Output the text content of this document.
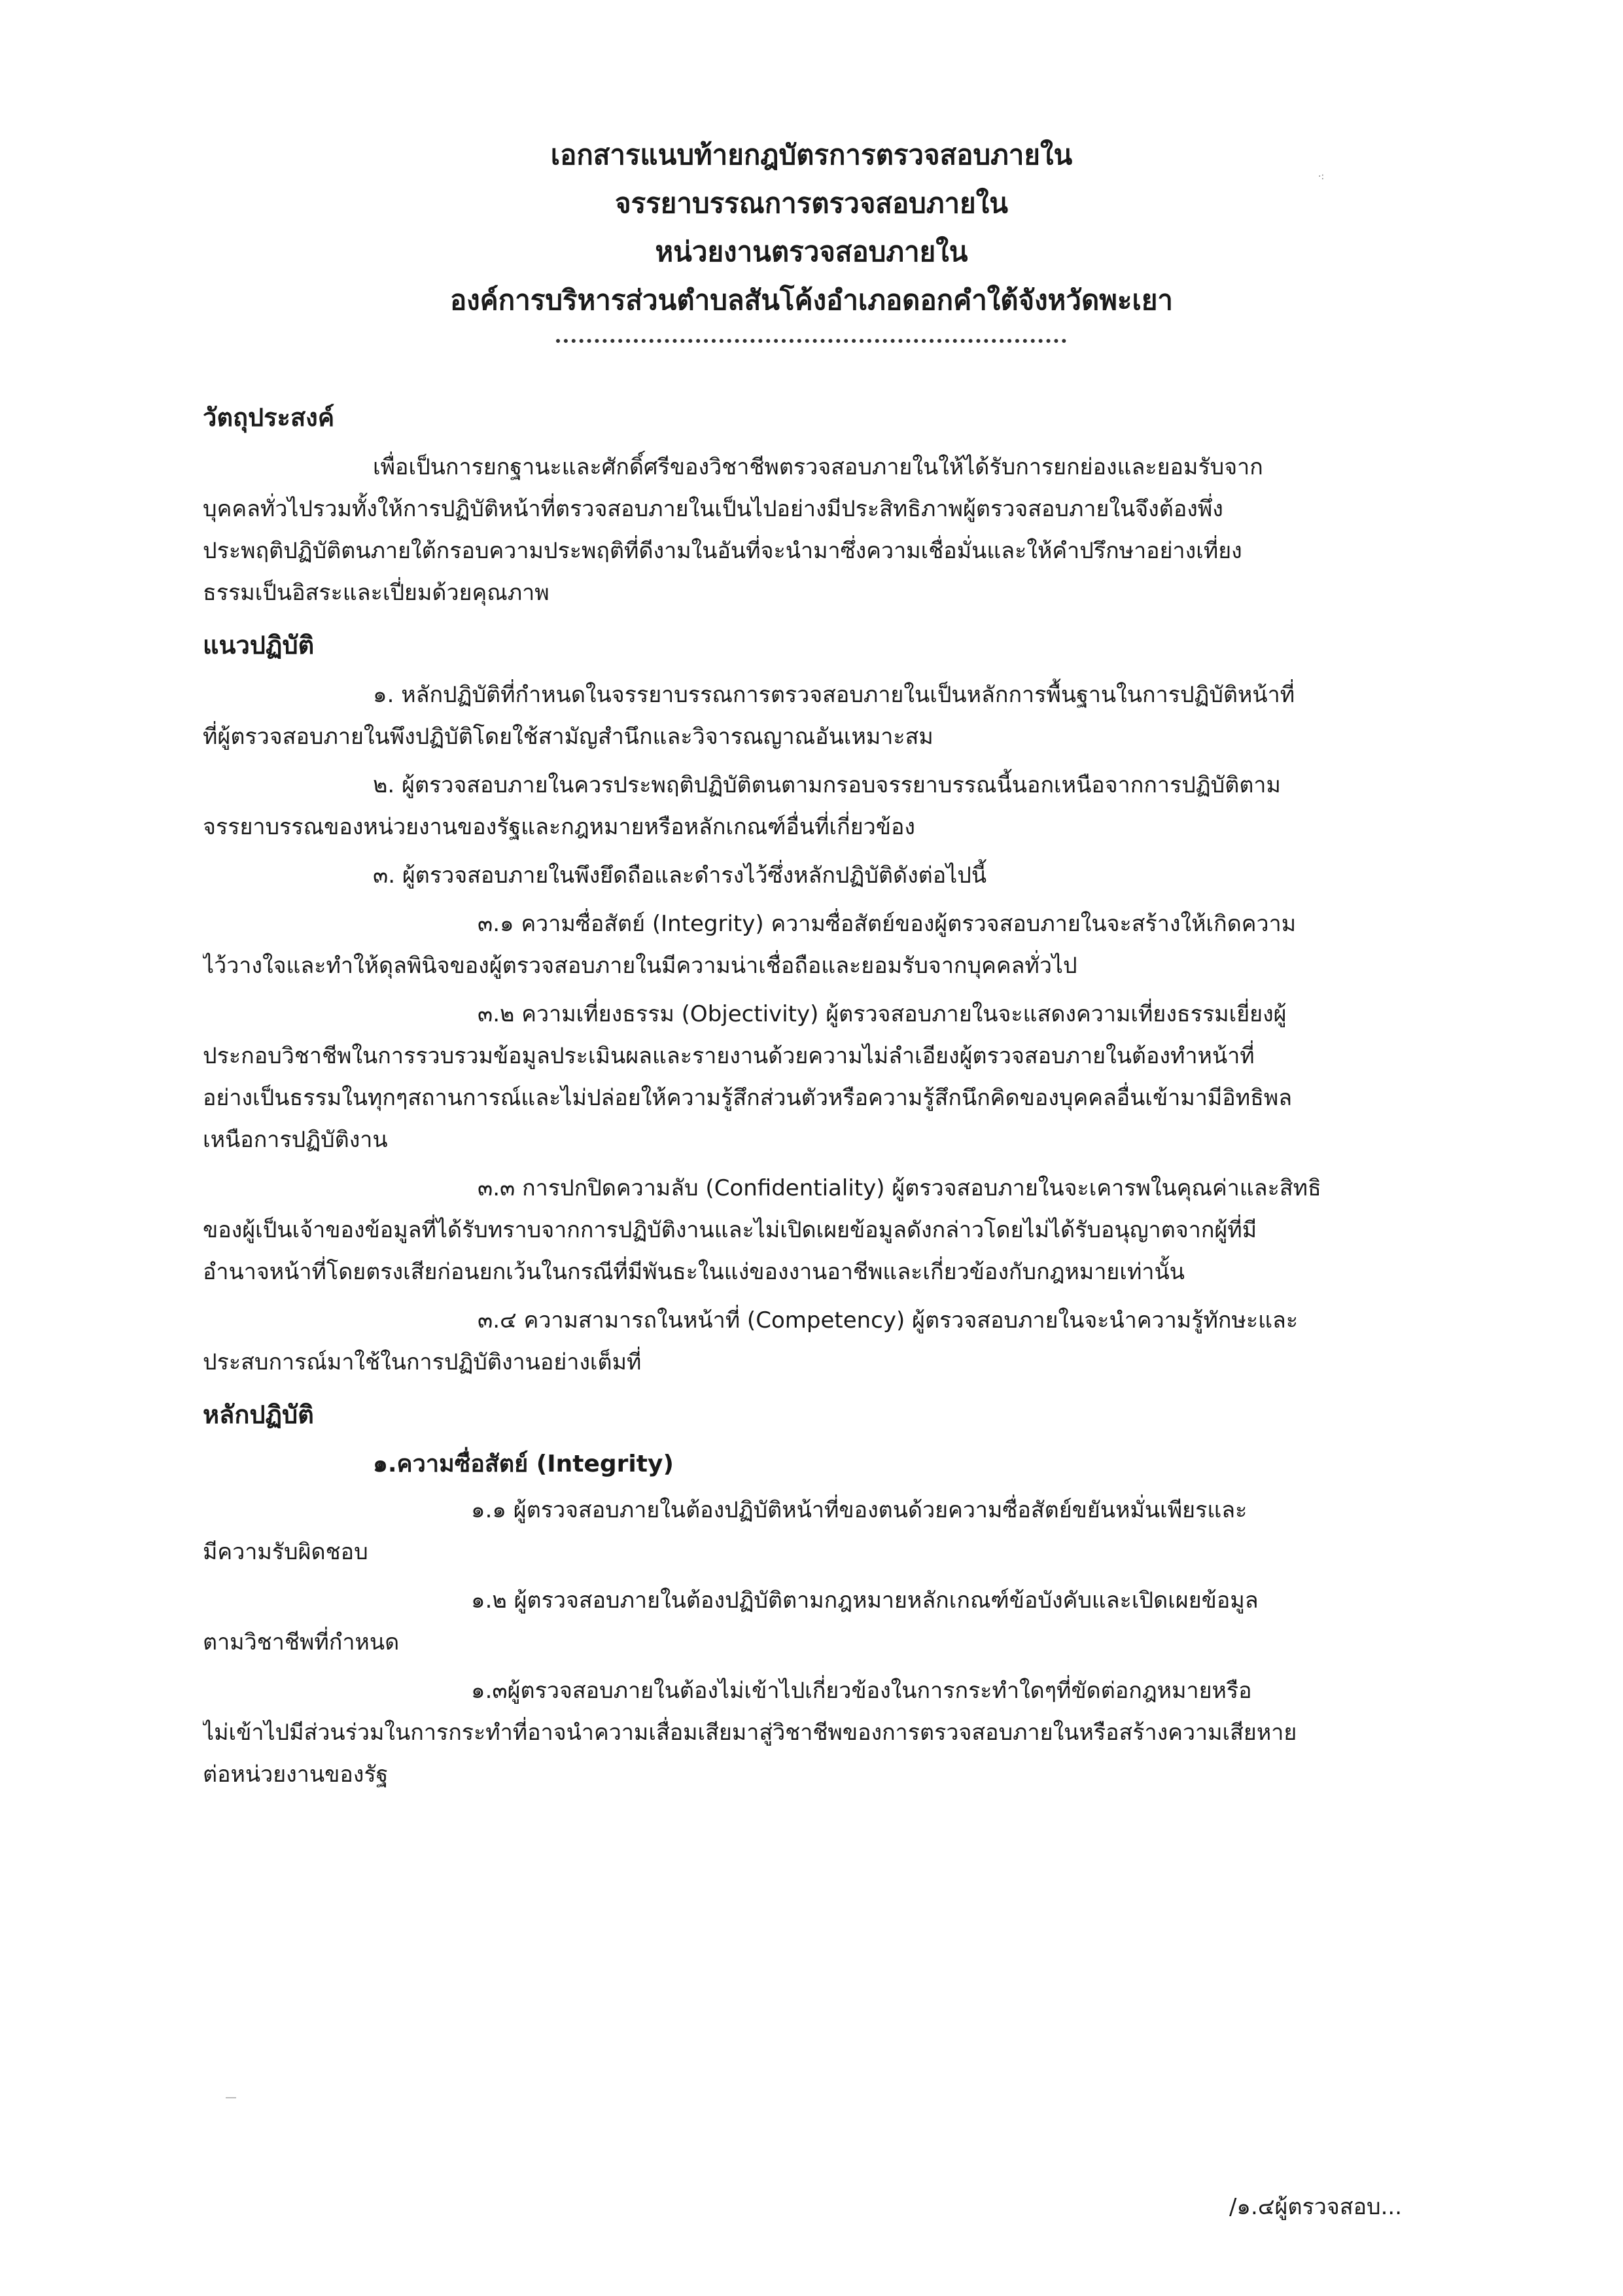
·:
เอกสารแนบท้ายกฎบัตรการตรวจสอบภายใน
จรรยาบรรณการตรวจสอบภายใน
หน่วยงานตรวจสอบภายใน
องค์การบริหารส่วนตำบลสันโค้งอำเภอดอกคำใต้จังหวัดพะเยา
วัตถุประสงค์
เพื่อเป็นการยกฐานะและศักดิ์ศรีของวิชาชีพตรวจสอบภายในให้ได้รับการยกย่องและยอมรับจาก
บุคคลทั่วไปรวมทั้งให้การปฏิบัติหน้าที่ตรวจสอบภายในเป็นไปอย่างมีประสิทธิภาพผู้ตรวจสอบภายในจึงต้องพึ่ง
ประพฤติปฏิบัติตนภายใต้กรอบความประพฤติที่ดีงามในอันที่จะนำมาซึ่งความเชื่อมั่นและให้คำปรึกษาอย่างเที่ยง
ธรรมเป็นอิสระและเปี่ยมด้วยคุณภาพ
แนวปฏิบัติ
๑. หลักปฏิบัติที่กำหนดในจรรยาบรรณการตรวจสอบภายในเป็นหลักการพื้นฐานในการปฏิบัติหน้าที่
ที่ผู้ตรวจสอบภายในพึงปฏิบัติโดยใช้สามัญสำนึกและวิจารณญาณอันเหมาะสม
๒. ผู้ตรวจสอบภายในควรประพฤติปฏิบัติตนตามกรอบจรรยาบรรณนี้นอกเหนือจากการปฏิบัติตาม
จรรยาบรรณของหน่วยงานของรัฐและกฎหมายหรือหลักเกณฑ์อื่นที่เกี่ยวข้อง
๓. ผู้ตรวจสอบภายในพึงยึดถือและดำรงไว้ซึ่งหลักปฏิบัติดังต่อไปนี้
๓.๑ ความซื่อสัตย์ (Integrity) ความซื่อสัตย์ของผู้ตรวจสอบภายในจะสร้างให้เกิดความ
ไว้วางใจและทำให้ดุลพินิจของผู้ตรวจสอบภายในมีความน่าเชื่อถือและยอมรับจากบุคคลทั่วไป
๓.๒ ความเที่ยงธรรม (Objectivity) ผู้ตรวจสอบภายในจะแสดงความเที่ยงธรรมเยี่ยงผู้
ประกอบวิชาชีพในการรวบรวมข้อมูลประเมินผลและรายงานด้วยความไม่ลำเอียงผู้ตรวจสอบภายในต้องทำหน้าที่
อย่างเป็นธรรมในทุกๆสถานการณ์และไม่ปล่อยให้ความรู้สึกส่วนตัวหรือความรู้สึกนึกคิดของบุคคลอื่นเข้ามามีอิทธิพล
เหนือการปฏิบัติงาน
๓.๓ การปกปิดความลับ (Confidentiality) ผู้ตรวจสอบภายในจะเคารพในคุณค่าและสิทธิ
ของผู้เป็นเจ้าของข้อมูลที่ได้รับทราบจากการปฏิบัติงานและไม่เปิดเผยข้อมูลดังกล่าวโดยไม่ได้รับอนุญาตจากผู้ที่มี
อำนาจหน้าที่โดยตรงเสียก่อนยกเว้นในกรณีที่มีพันธะในแง่ของงานอาชีพและเกี่ยวข้องกับกฎหมายเท่านั้น
๓.๔ ความสามารถในหน้าที่ (Competency) ผู้ตรวจสอบภายในจะนำความรู้ทักษะและ
ประสบการณ์มาใช้ในการปฏิบัติงานอย่างเต็มที่
หลักปฏิบัติ
๑.ความซื่อสัตย์ (Integrity)
๑.๑ ผู้ตรวจสอบภายในต้องปฏิบัติหน้าที่ของตนด้วยความซื่อสัตย์ขยันหมั่นเพียรและ
มีความรับผิดชอบ
๑.๒ ผู้ตรวจสอบภายในต้องปฏิบัติตามกฎหมายหลักเกณฑ์ข้อบังคับและเปิดเผยข้อมูล
ตามวิชาชีพที่กำหนด
๑.๓ผู้ตรวจสอบภายในต้องไม่เข้าไปเกี่ยวข้องในการกระทำใดๆที่ขัดต่อกฎหมายหรือ
ไม่เข้าไปมีส่วนร่วมในการกระทำที่อาจนำความเสื่อมเสียมาสู่วิชาชีพของการตรวจสอบภายในหรือสร้างความเสียหาย
ต่อหน่วยงานของรัฐ
/๑.๔ผู้ตรวจสอบ...
